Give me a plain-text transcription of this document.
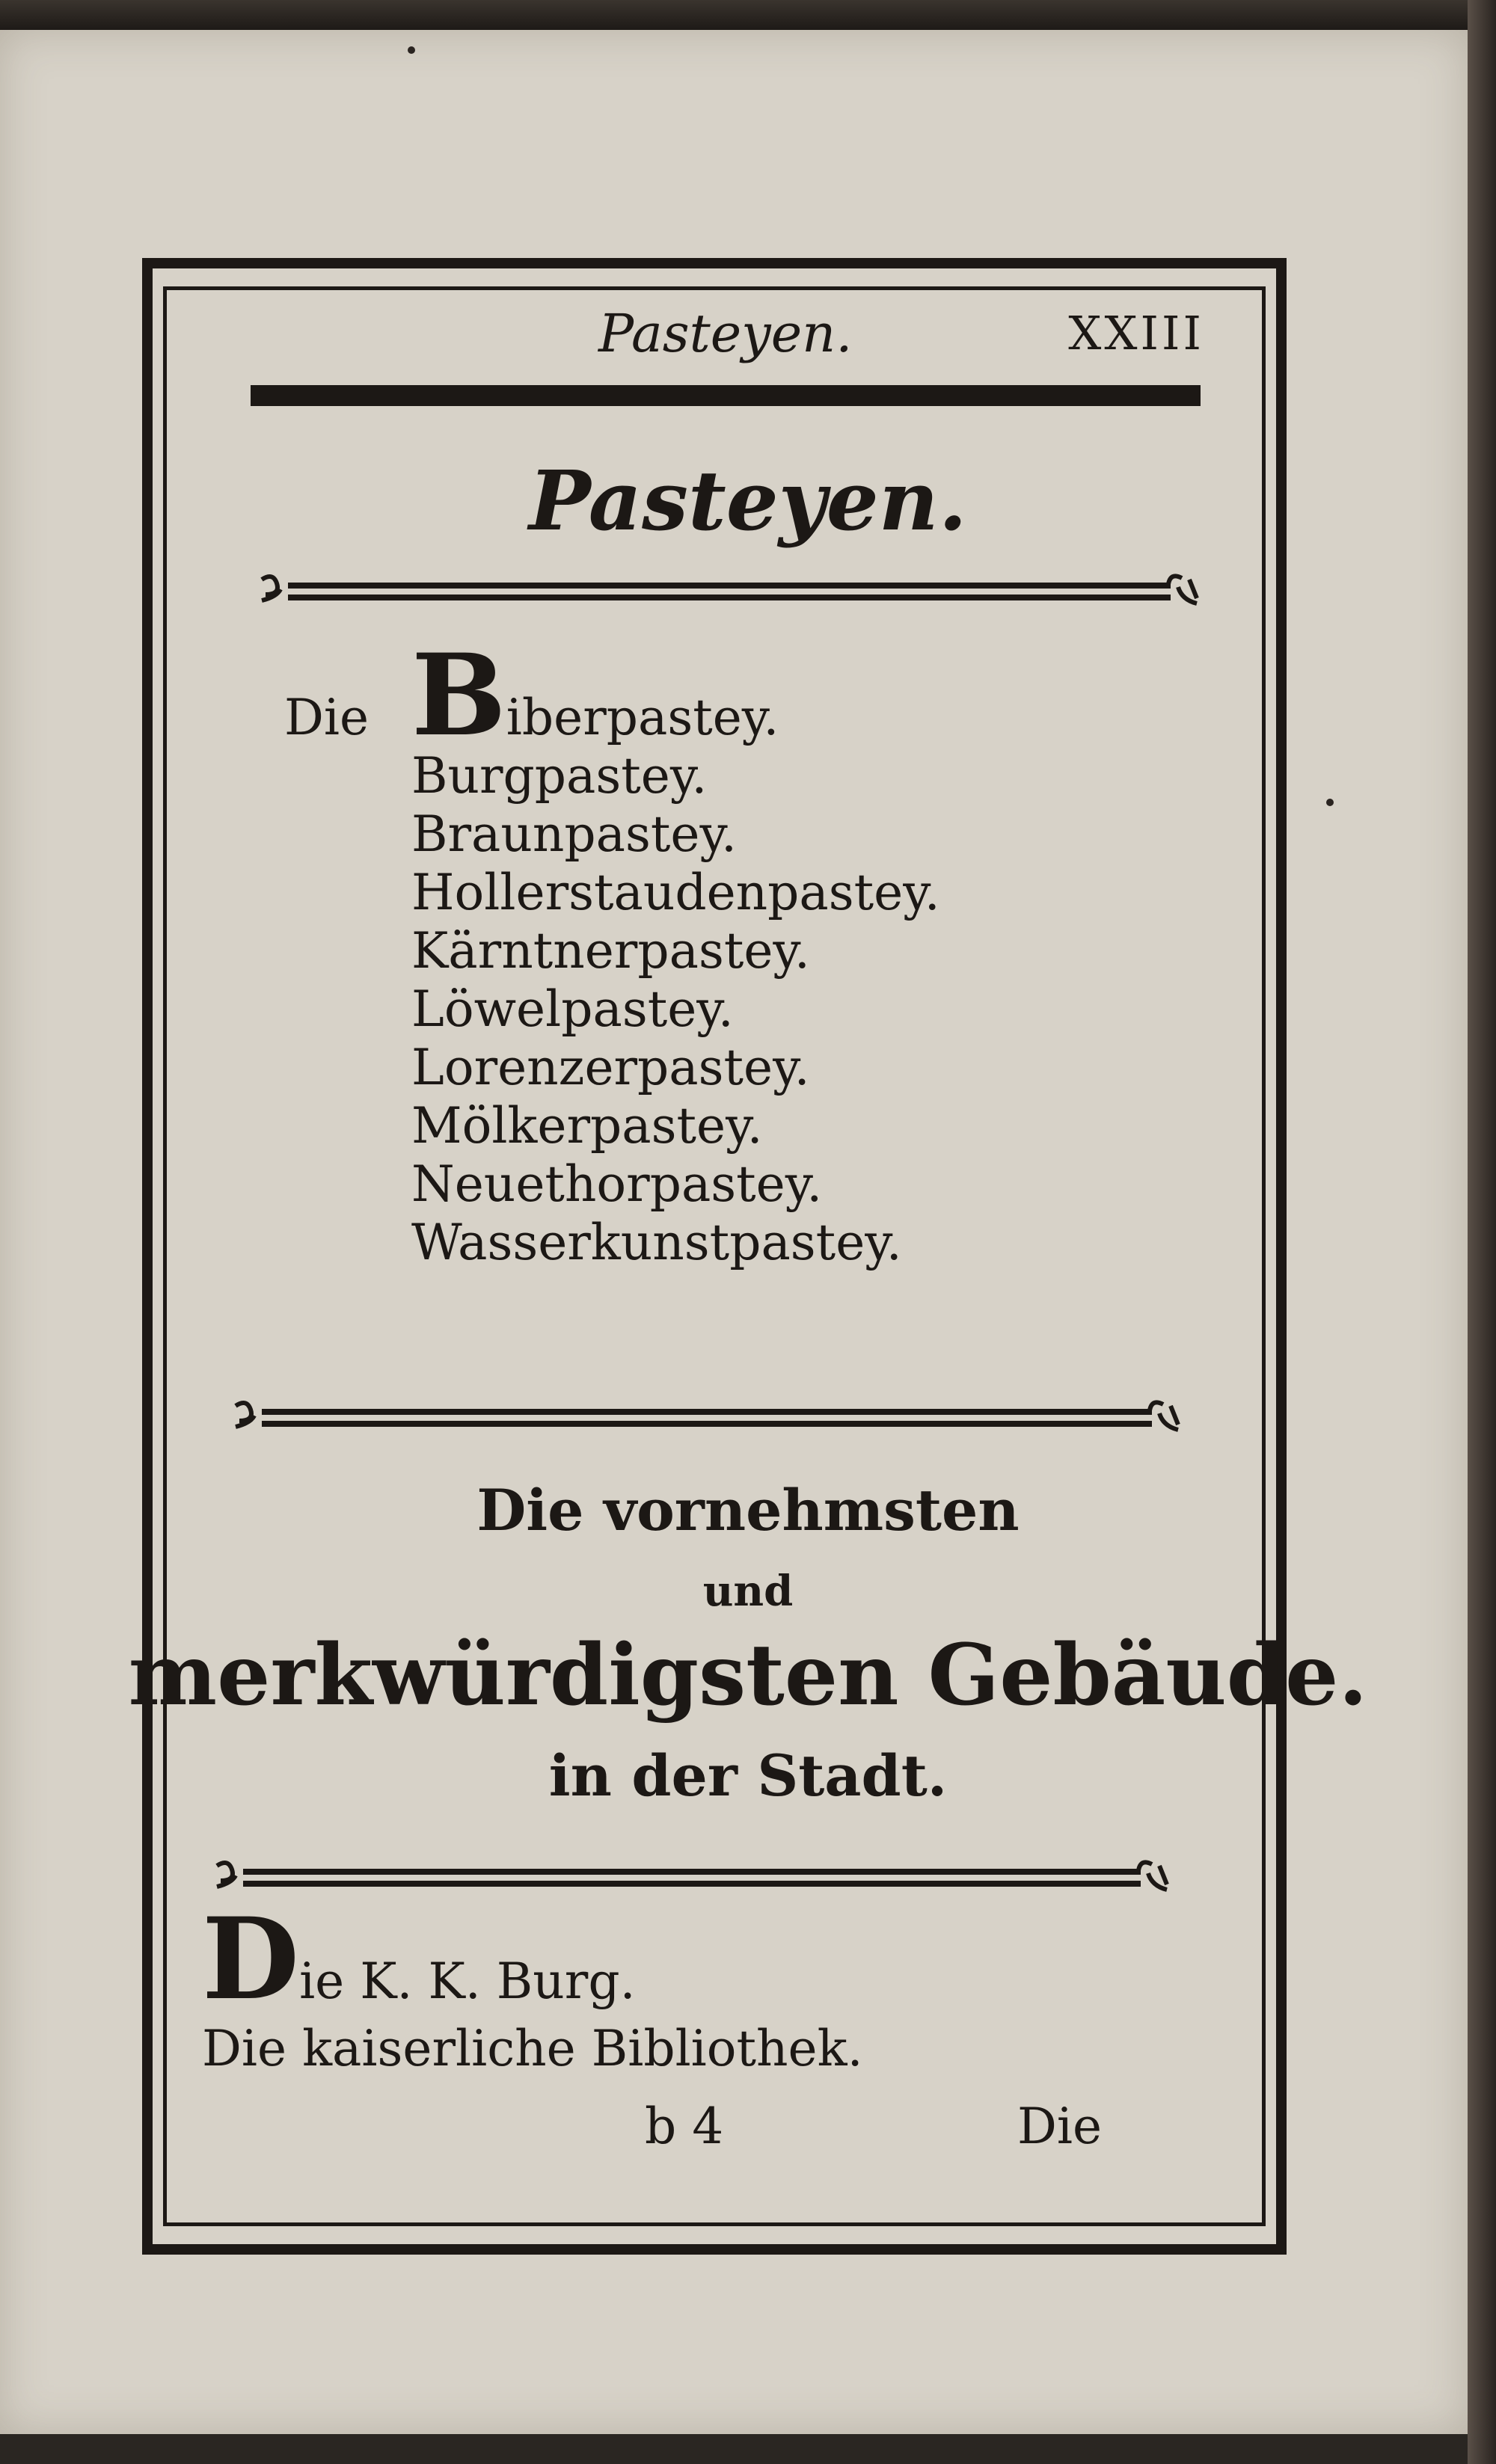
Pasteyen.	XXIII
Pasteyen.
Die Biberpastey.
Burgpastey.
Braunpastey.
Hollerstaudenpastey.
Kärntnerpastey.
Löwelpastey.
Lorenzerpastey.
Mölkerpastey.
Neuethorpastey.
Wasserkunstpastey.
Die vornehmsten
und
merkwürdigsten Gebäude.
in der Stadt.
Die K. K. Burg.
Die kaiserliche Bibliothek.
b 4	Die
